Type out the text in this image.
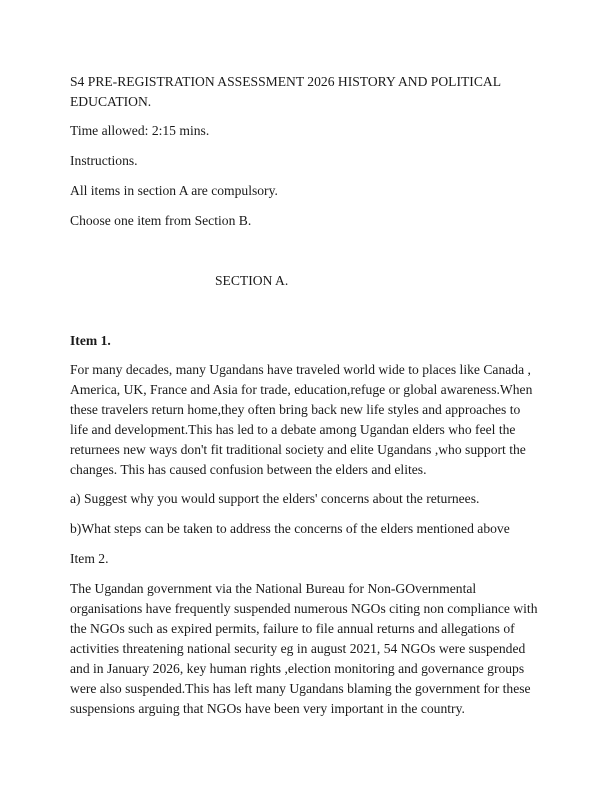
S4 PRE-REGISTRATION ASSESSMENT 2026 HISTORY AND POLITICAL EDUCATION.

Time allowed: 2:15 mins.

Instructions.

All items in section A are compulsory.

Choose one item from Section B.

SECTION A.

Item 1.

For many decades, many Ugandans have traveled world wide to places like Canada , America, UK, France and Asia for trade, education,refuge or global awareness.When these travelers return home,they often bring back new life styles and approaches to life and development.This has led to a debate among Ugandan elders who feel the returnees new ways don't fit traditional society and elite Ugandans ,who support the changes. This has caused confusion between the elders and elites.

a) Suggest why you would support the elders' concerns about the returnees.

b)What steps can be taken to address the concerns of the elders mentioned above

Item 2.

The Ugandan government via the National Bureau for Non-GOvernmental organisations have frequently suspended numerous NGOs citing non compliance with the NGOs such as expired permits, failure to file annual returns and allegations of activities threatening national security eg in august 2021, 54 NGOs were suspended and in January 2026, key human rights ,election monitoring and governance groups were also suspended.This has left many Ugandans blaming the government for these suspensions arguing that NGOs have been very important in the country.
